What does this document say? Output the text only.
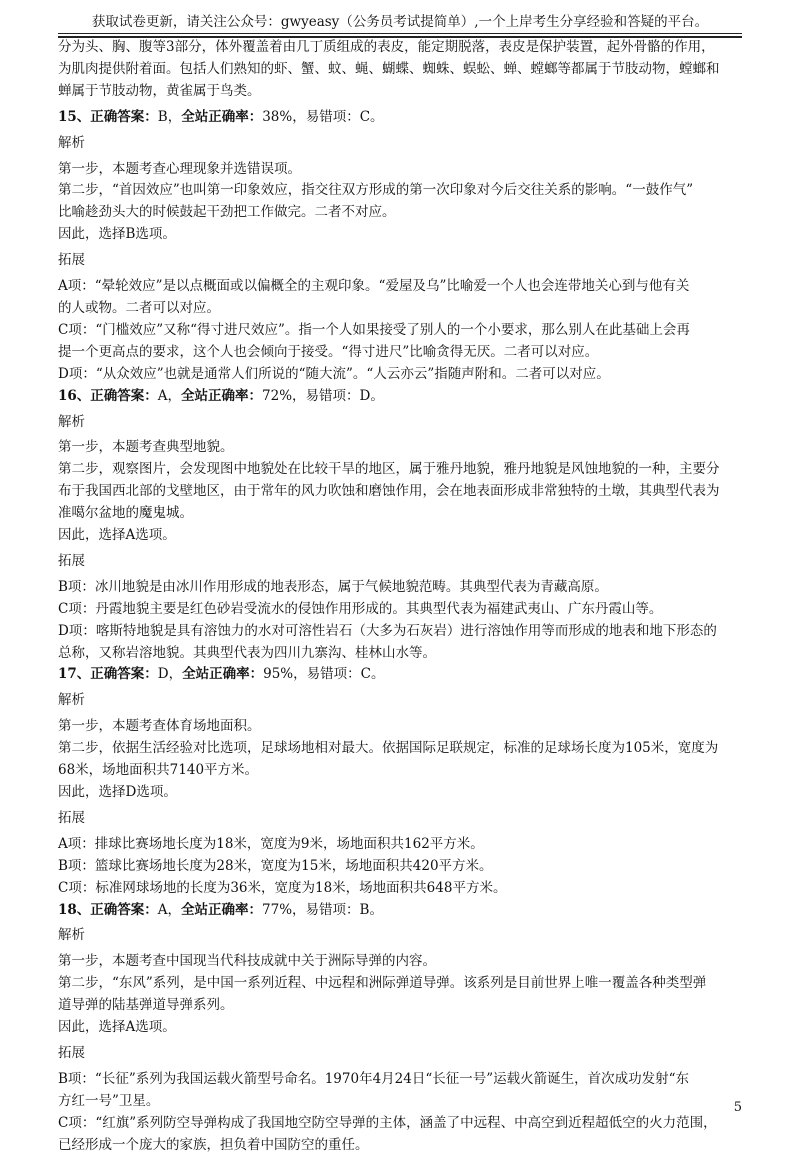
获取试卷更新，请关注公众号：gwyeasy（公务员考试提简单）,一个上岸考生分享经验和答疑的平台。
分为头、胸、腹等3部分，体外覆盖着由几丁质组成的表皮，能定期脱落，表皮是保护装置，起外骨骼的作用，
为肌肉提供附着面。包括人们熟知的虾、蟹、蚊、蝇、蝴蝶、蜘蛛、蜈蚣、蝉、螳螂等都属于节肢动物，螳螂和
蝉属于节肢动物，黄雀属于鸟类。
15、正确答案：B，全站正确率：38%，易错项：C。
解析
第一步，本题考查心理现象并选错误项。
第二步，“首因效应”也叫第一印象效应，指交往双方形成的第一次印象对今后交往关系的影响。“一鼓作气”
比喻趁劲头大的时候鼓起干劲把工作做完。二者不对应。
因此，选择B选项。
拓展
A项：“晕轮效应”是以点概面或以偏概全的主观印象。“爱屋及乌”比喻爱一个人也会连带地关心到与他有关
的人或物。二者可以对应。
C项：“门槛效应”又称“得寸进尺效应”。指一个人如果接受了别人的一个小要求，那么别人在此基础上会再
提一个更高点的要求，这个人也会倾向于接受。“得寸进尺”比喻贪得无厌。二者可以对应。
D项：“从众效应”也就是通常人们所说的“随大流”。“人云亦云”指随声附和。二者可以对应。
16、正确答案：A，全站正确率：72%，易错项：D。
解析
第一步，本题考查典型地貌。
第二步，观察图片，会发现图中地貌处在比较干旱的地区，属于雅丹地貌，雅丹地貌是风蚀地貌的一种，主要分
布于我国西北部的戈壁地区，由于常年的风力吹蚀和磨蚀作用，会在地表面形成非常独特的土墩，其典型代表为
准噶尔盆地的魔鬼城。
因此，选择A选项。
拓展
B项：冰川地貌是由冰川作用形成的地表形态，属于气候地貌范畴。其典型代表为青藏高原。
C项：丹霞地貌主要是红色砂岩受流水的侵蚀作用形成的。其典型代表为福建武夷山、广东丹霞山等。
D项：喀斯特地貌是具有溶蚀力的水对可溶性岩石（大多为石灰岩）进行溶蚀作用等而形成的地表和地下形态的
总称，又称岩溶地貌。其典型代表为四川九寨沟、桂林山水等。
17、正确答案：D，全站正确率：95%，易错项：C。
解析
第一步，本题考查体育场地面积。
第二步，依据生活经验对比选项，足球场地相对最大。依据国际足联规定，标准的足球场长度为105米，宽度为
68米，场地面积共7140平方米。
因此，选择D选项。
拓展
A项：排球比赛场地长度为18米，宽度为9米，场地面积共162平方米。
B项：篮球比赛场地长度为28米，宽度为15米，场地面积共420平方米。
C项：标准网球场地的长度为36米，宽度为18米，场地面积共648平方米。
18、正确答案：A，全站正确率：77%，易错项：B。
解析
第一步，本题考查中国现当代科技成就中关于洲际导弹的内容。
第二步，“东风”系列，是中国一系列近程、中远程和洲际弹道导弹。该系列是目前世界上唯一覆盖各种类型弹
道导弹的陆基弹道导弹系列。
因此，选择A选项。
拓展
B项：“长征”系列为我国运载火箭型号命名。1970年4月24日“长征一号”运载火箭诞生，首次成功发射“东
方红一号”卫星。
C项：“红旗”系列防空导弹构成了我国地空防空导弹的主体，涵盖了中远程、中高空到近程超低空的火力范围，
已经形成一个庞大的家族，担负着中国防空的重任。
5
